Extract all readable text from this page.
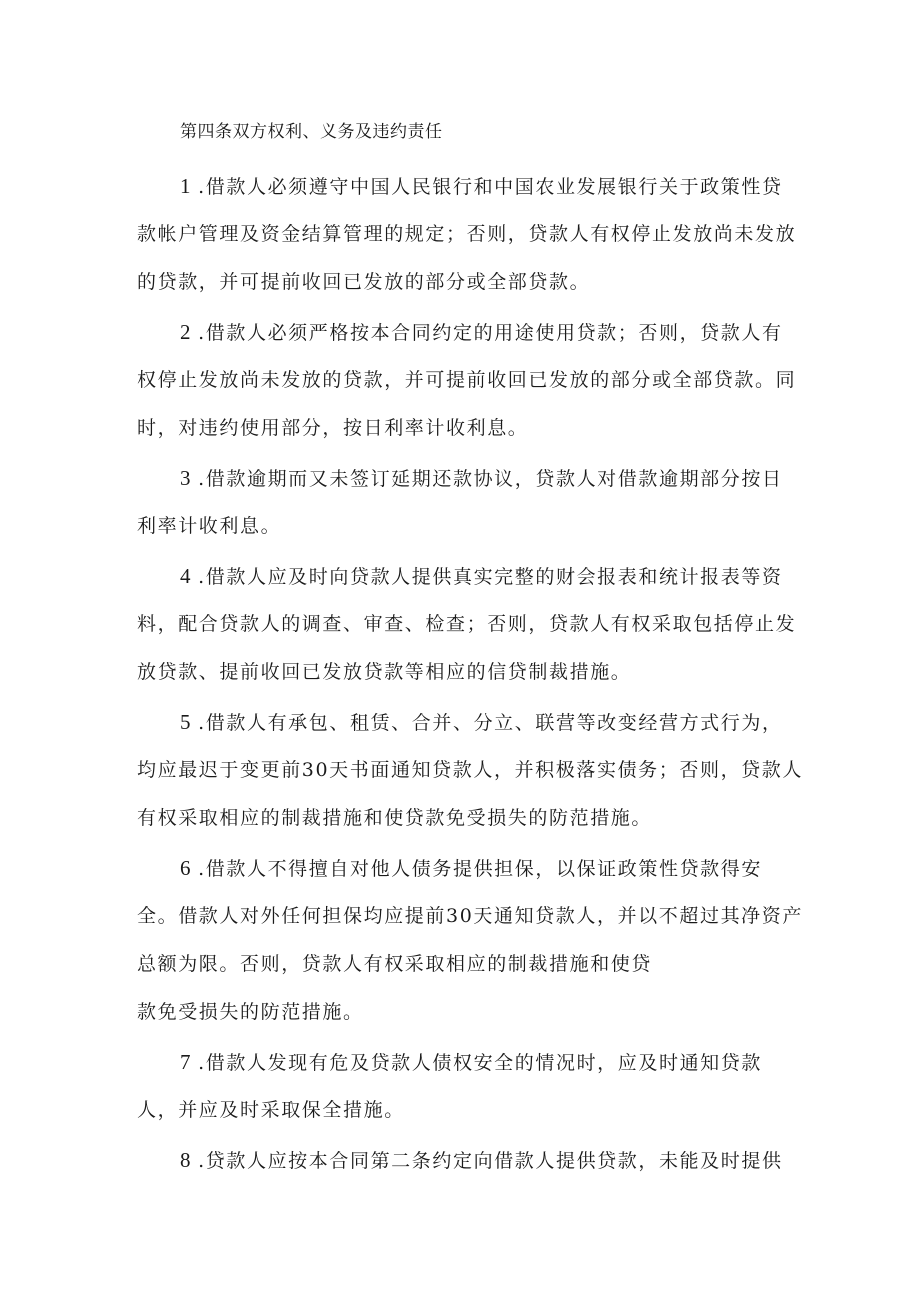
第四条双方权利、义务及违约责任
1 .借款人必须遵守中国人民银行和中国农业发展银行关于政策性贷
款帐户管理及资金结算管理的规定；否则，贷款人有权停止发放尚未发放
的贷款，并可提前收回已发放的部分或全部贷款。
2 .借款人必须严格按本合同约定的用途使用贷款；否则，贷款人有
权停止发放尚未发放的贷款，并可提前收回已发放的部分或全部贷款。同
时，对违约使用部分，按日利率计收利息。
3 .借款逾期而又未签订延期还款协议，贷款人对借款逾期部分按日
利率计收利息。
4 .借款人应及时向贷款人提供真实完整的财会报表和统计报表等资
料，配合贷款人的调查、审查、检查；否则，贷款人有权采取包括停止发
放贷款、提前收回已发放贷款等相应的信贷制裁措施。
5 .借款人有承包、租赁、合并、分立、联营等改变经营方式行为，
均应最迟于变更前30天书面通知贷款人，并积极落实债务；否则，贷款人
有权采取相应的制裁措施和使贷款免受损失的防范措施。
6 .借款人不得擅自对他人债务提供担保，以保证政策性贷款得安
全。借款人对外任何担保均应提前30天通知贷款人，并以不超过其净资产
总额为限。否则，贷款人有权采取相应的制裁措施和使贷
款免受损失的防范措施。
7 .借款人发现有危及贷款人债权安全的情况时，应及时通知贷款
人，并应及时采取保全措施。
8 .贷款人应按本合同第二条约定向借款人提供贷款，未能及时提供
